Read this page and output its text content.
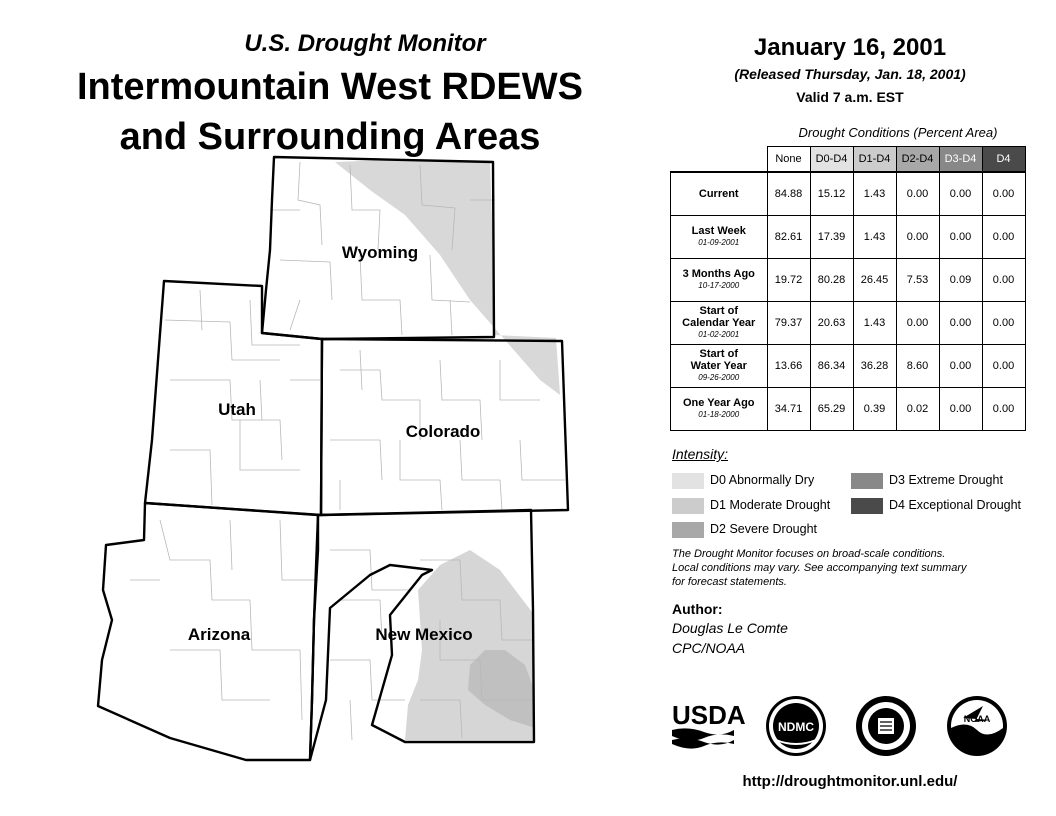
U.S. Drought Monitor
Intermountain West RDEWS
and Surrounding Areas
Wyoming
Utah
Colorado
Arizona	New Mexico
January 16, 2001
(Released Thursday, Jan. 18, 2001)
Valid 7 a.m. EST
Drought Conditions (Percent Area)
	None	D0-D4	D1-D4	D2-D4	D3-D4	D4
Current	84.88	15.12	1.43	0.00	0.00	0.00
Last Week
01-09-2001	82.61	17.39	1.43	0.00	0.00	0.00
3 Months Ago
10-17-2000	19.72	80.28	26.45	7.53	0.09	0.00
Start of
Calendar Year
01-02-2001	79.37	20.63	1.43	0.00	0.00	0.00
Start of
Water Year
09-26-2000	13.66	86.34	36.28	8.60	0.00	0.00
One Year Ago
01-18-2000	34.71	65.29	0.39	0.02	0.00	0.00
Intensity:
D0 Abnormally Dry
D1 Moderate Drought
D2 Severe Drought
D3 Extreme Drought
D4 Exceptional Drought
The Drought Monitor focuses on broad-scale conditions.
Local conditions may vary. See accompanying text summary
for forecast statements.
Author:
Douglas Le Comte
CPC/NOAA
USDA	NDMC
NOAA
http://droughtmonitor.unl.edu/
